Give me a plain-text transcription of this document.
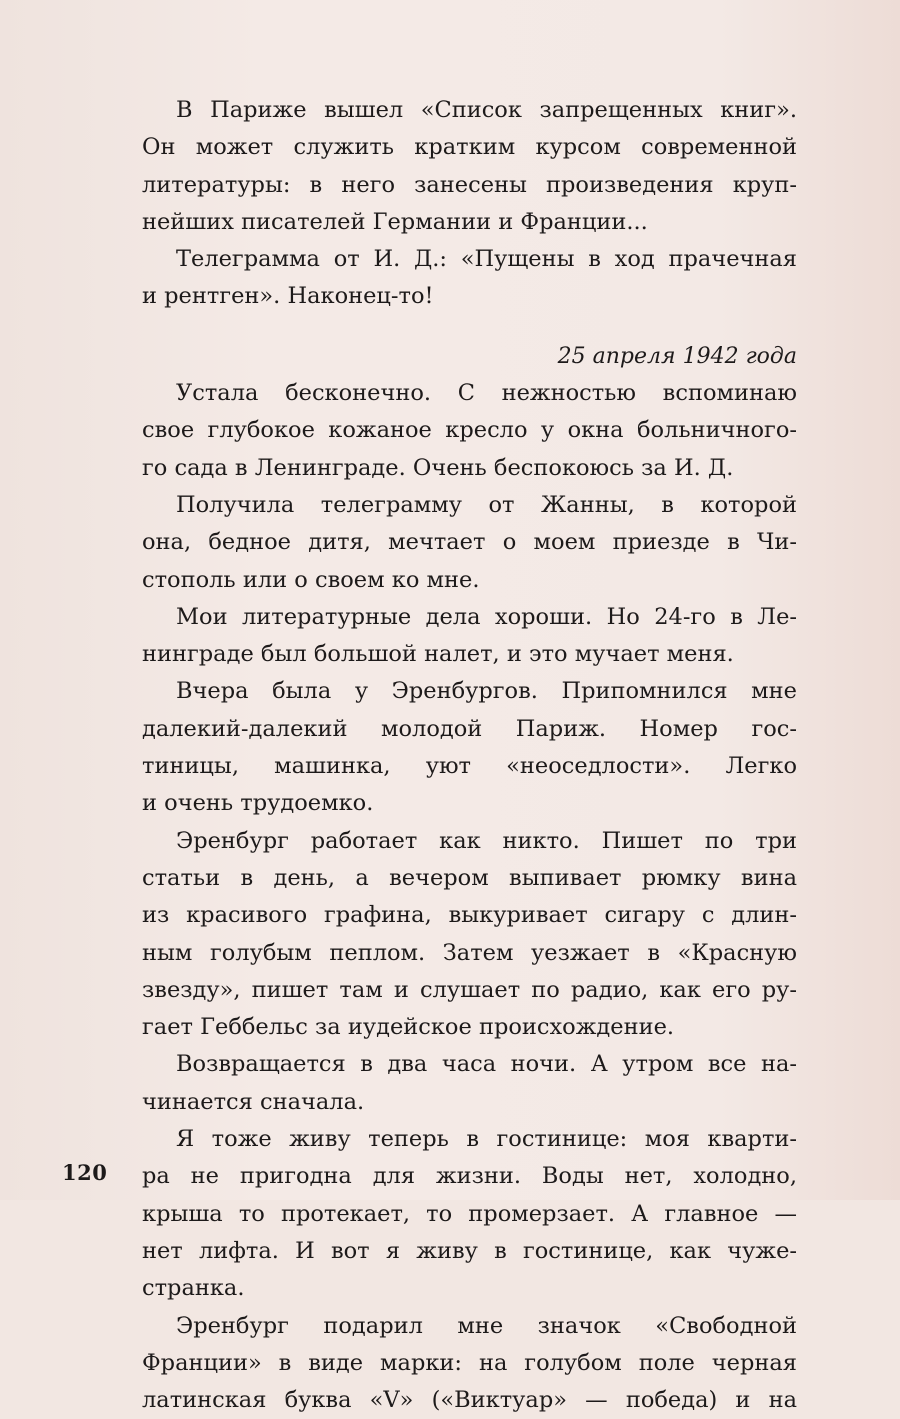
В Париже вышел «Список запрещенных книг».
Он может служить кратким курсом современной
литературы: в него занесены произведения круп-
нейших писателей Германии и Франции...
Телеграмма от И. Д.: «Пущены в ход прачечная
и рентген». Наконец-то!
25 апреля 1942 года
Устала бесконечно. С нежностью вспоминаю
свое глубокое кожаное кресло у окна больничного-
го сада в Ленинграде. Очень беспокоюсь за И. Д.
Получила телеграмму от Жанны, в которой
она, бедное дитя, мечтает о моем приезде в Чи-
стополь или о своем ко мне.
Мои литературные дела хороши. Но 24-го в Ле-
нинграде был большой налет, и это мучает меня.
Вчера была у Эренбургов. Припомнился мне
далекий-далекий молодой Париж. Номер гос-
тиницы, машинка, уют «неоседлости». Легко
и очень трудоемко.
Эренбург работает как никто. Пишет по три
статьи в день, а вечером выпивает рюмку вина
из красивого графина, выкуривает сигару с длин-
ным голубым пеплом. Затем уезжает в «Красную
звезду», пишет там и слушает по радио, как его ру-
гает Геббельс за иудейское происхождение.
Возвращается в два часа ночи. А утром все на-
чинается сначала.
Я тоже живу теперь в гостинице: моя кварти-
ра не пригодна для жизни. Воды нет, холодно,
крыша то протекает, то промерзает. А главное —
нет лифта. И вот я живу в гостинице, как чуже-
странка.
Эренбург подарил мне значок «Свободной
Франции» в виде марки: на голубом поле черная
латинская буква «V» («Виктуар» — победа) и на
120
